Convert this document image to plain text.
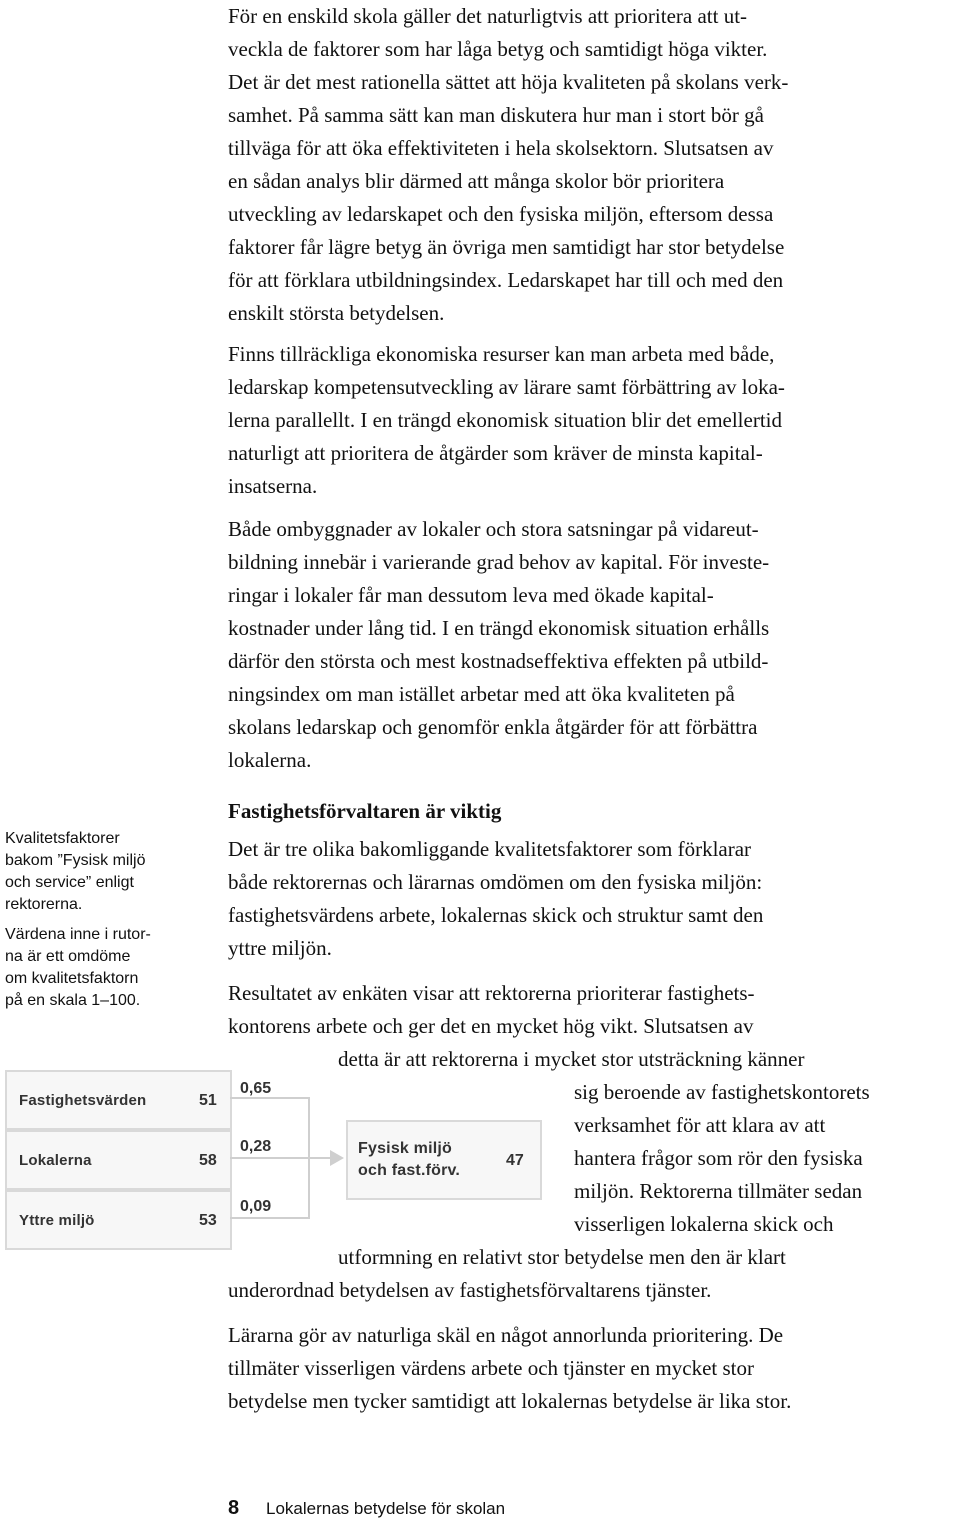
För en enskild skola gäller det naturligtvis att prioritera att ut-
veckla de faktorer som har låga betyg och samtidigt höga vikter.
Det är det mest rationella sättet att höja kvaliteten på skolans verk-
samhet. På samma sätt kan man diskutera hur man i stort bör gå
tillväga för att öka effektiviteten i hela skolsektorn. Slutsatsen av
en sådan analys blir därmed att många skolor bör prioritera
utveckling av ledarskapet och den fysiska miljön, eftersom dessa
faktorer får lägre betyg än övriga men samtidigt har stor betydelse
för att förklara utbildningsindex. Ledarskapet har till och med den
enskilt största betydelsen.
Finns tillräckliga ekonomiska resurser kan man arbeta med både,
ledarskap kompetensutveckling av lärare samt förbättring av loka-
lerna parallellt. I en trängd ekonomisk situation blir det emellertid
naturligt att prioritera de åtgärder som kräver de minsta kapital-
insatserna.
Både ombyggnader av lokaler och stora satsningar på vidareut-
bildning innebär i varierande grad behov av kapital. För investe-
ringar i lokaler får man dessutom leva med ökade kapital-
kostnader under lång tid. I en trängd ekonomisk situation erhålls
därför den största och mest kostnadseffektiva effekten på utbild-
ningsindex om man istället arbetar med att öka kvaliteten på
skolans ledarskap och genomför enkla åtgärder för att förbättra
lokalerna.
Fastighetsförvaltaren är viktig
Det är tre olika bakomliggande kvalitetsfaktorer som förklarar
både rektorernas och lärarnas omdömen om den fysiska miljön:
fastighetsvärdens arbete, lokalernas skick och struktur samt den
yttre miljön.
Resultatet av enkäten visar att rektorerna prioriterar fastighets-
kontorens arbete och ger det en mycket hög vikt. Slutsatsen av
detta är att rektorerna i mycket stor utsträckning känner
sig beroende av fastighetskontorets
verksamhet för att klara av att
hantera frågor som rör den fysiska
miljön. Rektorerna tillmäter sedan
visserligen lokalerna skick och
utformning en relativt stor betydelse men den är klart
underordnad betydelsen av fastighetsförvaltarens tjänster.
Lärarna gör av naturliga skäl en något annorlunda prioritering. De
tillmäter visserligen värdens arbete och tjänster en mycket stor
betydelse men tycker samtidigt att lokalernas betydelse är lika stor.
Kvalitetsfaktorer
bakom ”Fysisk miljö
och service” enligt
rektorerna.
Värdena inne i rutor-
na är ett omdöme
om kvalitetsfaktorn
på en skala 1–100.
Fastighetsvärden	51
Lokalerna	58
Yttre miljö	53
0,65
0,28
0,09
Fysisk miljö
och fast.förv.
47
8 Lokalernas betydelse för skolan
